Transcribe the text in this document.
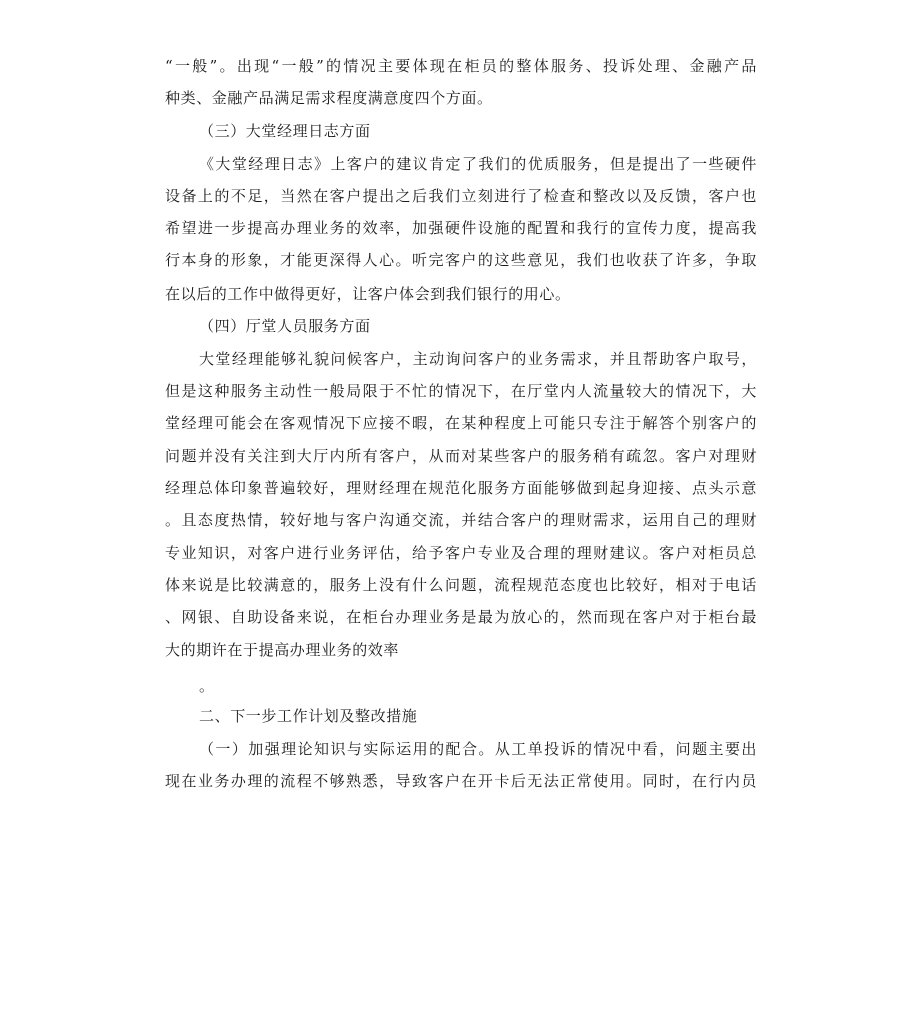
“一般”。出现“一般”的情况主要体现在柜员的整体服务、投诉处理、金融产品
种类、金融产品满足需求程度满意度四个方面。
（三）大堂经理日志方面
《大堂经理日志》上客户的建议肯定了我们的优质服务，但是提出了一些硬件
设备上的不足，当然在客户提出之后我们立刻进行了检查和整改以及反馈，客户也
希望进一步提高办理业务的效率，加强硬件设施的配置和我行的宣传力度，提高我
行本身的形象，才能更深得人心。听完客户的这些意见，我们也收获了许多，争取
在以后的工作中做得更好，让客户体会到我们银行的用心。
（四）厅堂人员服务方面
大堂经理能够礼貌问候客户，主动询问客户的业务需求，并且帮助客户取号，
但是这种服务主动性一般局限于不忙的情况下，在厅堂内人流量较大的情况下，大
堂经理可能会在客观情况下应接不暇，在某种程度上可能只专注于解答个别客户的
问题并没有关注到大厅内所有客户，从而对某些客户的服务稍有疏忽。客户对理财
经理总体印象普遍较好，理财经理在规范化服务方面能够做到起身迎接、点头示意
。且态度热情，较好地与客户沟通交流，并结合客户的理财需求，运用自己的理财
专业知识，对客户进行业务评估，给予客户专业及合理的理财建议。客户对柜员总
体来说是比较满意的，服务上没有什么问题，流程规范态度也比较好，相对于电话
、网银、自助设备来说，在柜台办理业务是最为放心的，然而现在客户对于柜台最
大的期许在于提高办理业务的效率
。
二、下一步工作计划及整改措施
（一）加强理论知识与实际运用的配合。从工单投诉的情况中看，问题主要出
现在业务办理的流程不够熟悉，导致客户在开卡后无法正常使用。同时，在行内员
